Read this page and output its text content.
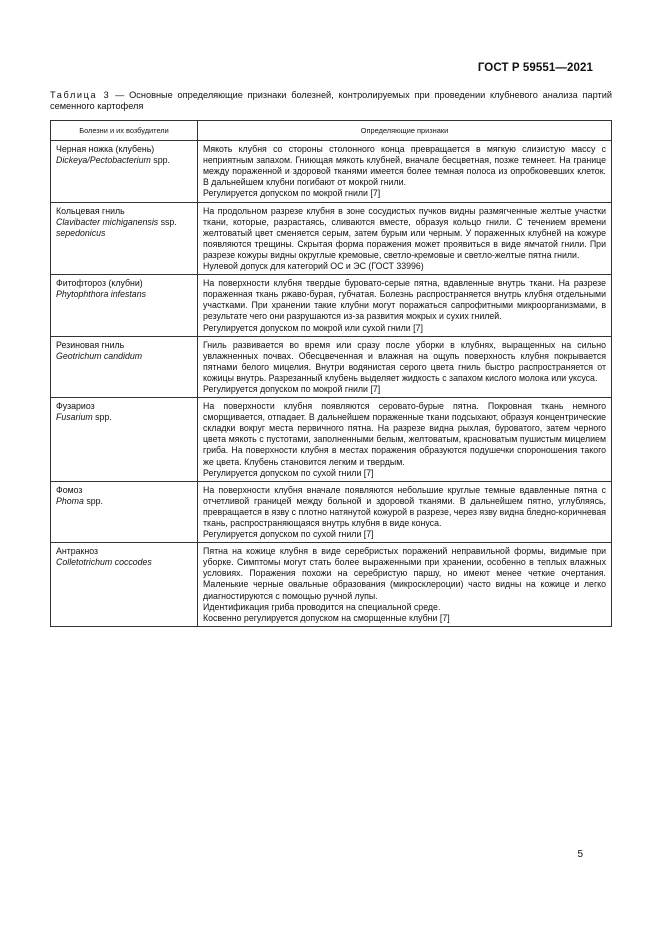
ГОСТ Р 59551—2021
Таблица 3 — Основные определяющие признаки болезней, контролируемых при проведении клубневого анализа партий семенного картофеля
Болезни и их возбудители	Определяющие признаки

Черная ножка (клубень)
Dickeya/Pectobacterium spp.	Мякоть клубня со стороны столонного конца превращается в мягкую слизистую массу с неприятным запахом. Гниющая мякоть клубней, вначале бесцветная, позже темнеет. На границе между пораженной и здоровой тканями имеется более темная полоса из опробковевших клеток. В дальнейшем клубни погибают от мокрой гнили.
Регулируется допуском по мокрой гнили [7]

Кольцевая гниль
Clavibacter michiganensis ssp. sepedonicus	На продольном разрезе клубня в зоне сосудистых пучков видны размягченные желтые участки ткани, которые, разрастаясь, сливаются вместе, образуя кольцо гнили. С течением времени желтоватый цвет сменяется серым, затем бурым или черным. У пораженных клубней на кожуре появляются трещины. Скрытая форма поражения может проявиться в виде ямчатой гнили. При разрезе кожуры видны округлые кремовые, светло-кремовые и светло-желтые пятна гнили.
Нулевой допуск для категорий ОС и ЭС (ГОСТ 33996)

Фитофтороз (клубни)
Phytophthora infestans	На поверхности клубня твердые буровато-серые пятна, вдавленные внутрь ткани. На разрезе пораженная ткань ржаво-бурая, губчатая. Болезнь распространяется внутрь клубня отдельными участками. При хранении такие клубни могут поражаться сапрофитными микроорганизмами, в результате чего они разрушаются из-за развития мокрых и сухих гнилей.
Регулируется допуском по мокрой или сухой гнили [7]

Резиновая гниль
Geotrichum candidum	Гниль развивается во время или сразу после уборки в клубнях, выращенных на сильно увлажненных почвах. Обесцвеченная и влажная на ощупь поверхность клубня покрывается пятнами белого мицелия. Внутри водянистая серого цвета гниль быстро распространяется от кожицы внутрь. Разрезанный клубень выделяет жидкость с запахом кислого молока или уксуса.
Регулируется допуском по мокрой гнили [7]

Фузариоз
Fusarium spp.	На поверхности клубня появляются серовато-бурые пятна. Покровная ткань немного сморщивается, отпадает. В дальнейшем пораженные ткани подсыхают, образуя концентрические складки вокруг места первичного пятна. На разрезе видна рыхлая, буроватого, затем черного цвета мякоть с пустотами, заполненными белым, желтоватым, красноватым пушистым мицелием гриба. На поверхности клубня в местах поражения образуются подушечки спороношения такого же цвета. Клубень становится легким и твердым.
Регулируется допуском по сухой гнили [7]

Фомоз
Phoma spp.	На поверхности клубня вначале появляются небольшие круглые темные вдавленные пятна с отчетливой границей между больной и здоровой тканями. В дальнейшем пятно, углубляясь, превращается в язву с плотно натянутой кожурой в разрезе, через язву видна бледно-коричневая ткань, распространяющаяся внутрь клубня в виде конуса.
Регулируется допуском по сухой гнили [7]

Антракноз
Colletotrichum coccodes	Пятна на кожице клубня в виде серебристых поражений неправильной формы, видимые при уборке. Симптомы могут стать более выраженными при хранении, особенно в теплых влажных условиях. Поражения похожи на серебристую паршу, но имеют менее четкие очертания. Маленькие черные овальные образования (микросклероции) часто видны на кожице и легко диагностируются с помощью ручной лупы.
Идентификация гриба проводится на специальной среде.
Косвенно регулируется допуском на сморщенные клубни [7]
5
